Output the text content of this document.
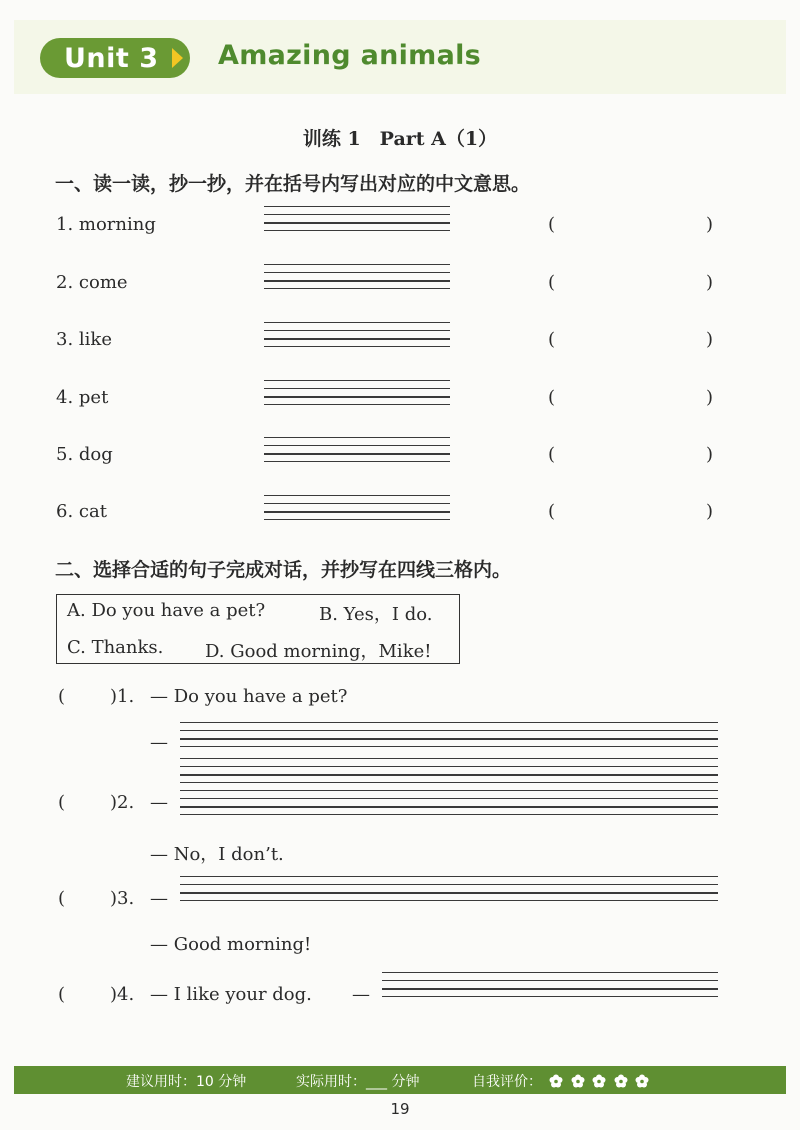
Unit 3 Amazing animals
训练 1　Part A（1）
一、读一读，抄一抄，并在括号内写出对应的中文意思。
1. morning	(	)
2. come	(	)
3. like	(	)
4. pet	(	)
5. dog	(	)
6. cat	(	)
二、选择合适的句子完成对话，并抄写在四线三格内。
A. Do you have a pet?	B. Yes，I do.
C. Thanks. D. Good morning，Mike!
( )1. — Do you have a pet?
—
( )2. —
— No，I don’t.
( )3. —
— Good morning!
( )4. — I like your dog. —
建议用时：10 分钟	实际用时：___ 分钟	自我评价：
19
